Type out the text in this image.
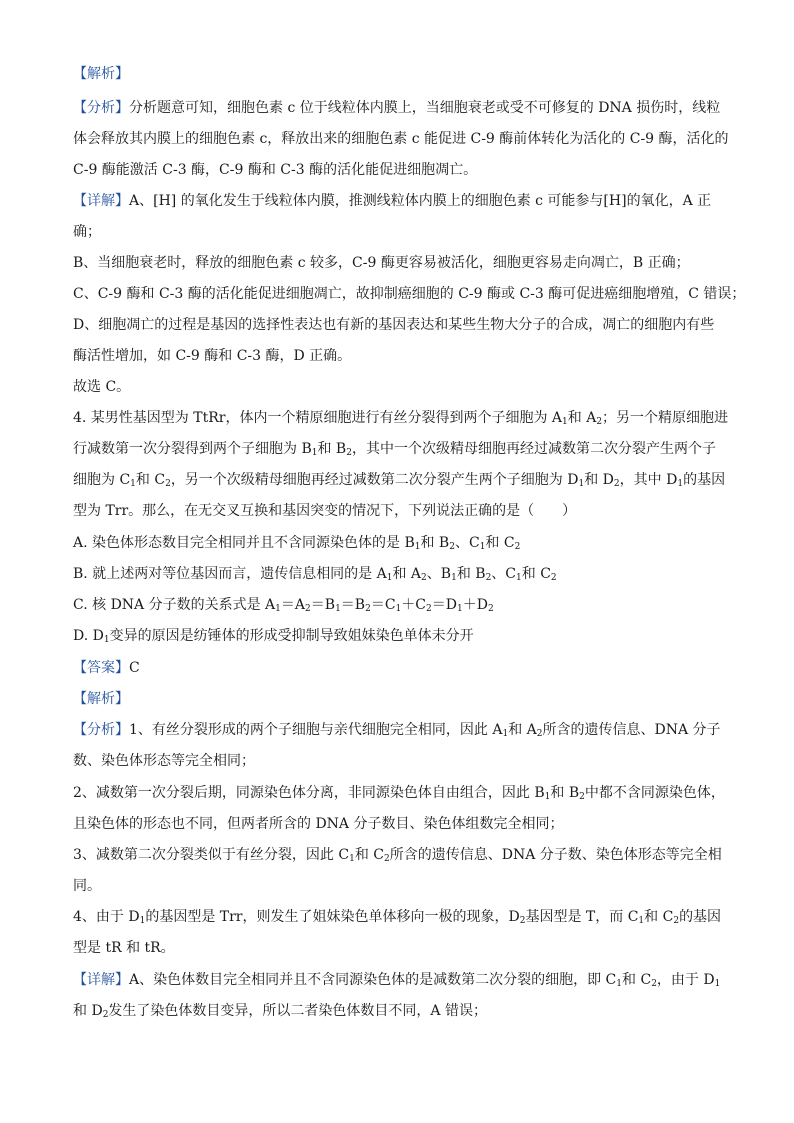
【解析】
【分析】分析题意可知，细胞色素 c 位于线粒体内膜上，当细胞衰老或受不可修复的 DNA 损伤时，线粒
体会释放其内膜上的细胞色素 c，释放出来的细胞色素 c 能促进 C-9 酶前体转化为活化的 C-9 酶，活化的
C-9 酶能激活 C-3 酶，C-9 酶和 C-3 酶的活化能促进细胞凋亡。
【详解】A、[H] 的氧化发生于线粒体内膜，推测线粒体内膜上的细胞色素 c 可能参与[H]的氧化，A 正
确；
B、当细胞衰老时，释放的细胞色素 c 较多，C-9 酶更容易被活化，细胞更容易走向凋亡，B 正确；
C、C-9 酶和 C-3 酶的活化能促进细胞凋亡，故抑制癌细胞的 C-9 酶或 C-3 酶可促进癌细胞增殖，C 错误；
D、细胞凋亡的过程是基因的选择性表达也有新的基因表达和某些生物大分子的合成，凋亡的细胞内有些
酶活性增加，如 C-9 酶和 C-3 酶，D 正确。
故选 C。
4. 某男性基因型为 TtRr，体内一个精原细胞进行有丝分裂得到两个子细胞为 $A_1$和 $A_2$；另一个精原细胞进
行减数第一次分裂得到两个子细胞为 $B_1$和 $B_2$，其中一个次级精母细胞再经过减数第二次分裂产生两个子
细胞为 $C_1$和 $C_2$，另一个次级精母细胞再经过减数第二次分裂产生两个子细胞为 $D_1$和 $D_2$，其中 $D_1$的基因
型为 Trr。那么，在无交叉互换和基因突变的情况下，下列说法正确的是（　　）
A. 染色体形态数目完全相同并且不含同源染色体的是 $B_1$和 $B_2$、$C_1$和 $C_2$
B. 就上述两对等位基因而言，遗传信息相同的是 $A_1$和 $A_2$、$B_1$和 $B_2$、$C_1$和 $C_2$
C. 核 DNA 分子数的关系式是 $A_1=A_2=B_1=B_2=C_1+C_2=D_1+D_2$
D. $D_1$变异的原因是纺锤体的形成受抑制导致姐妹染色单体未分开
【答案】C
【解析】
【分析】1、有丝分裂形成的两个子细胞与亲代细胞完全相同，因此 $A_1$和 $A_2$所含的遗传信息、DNA 分子
数、染色体形态等完全相同；
2、减数第一次分裂后期，同源染色体分离，非同源染色体自由组合，因此 $B_1$和 $B_2$中都不含同源染色体，
且染色体的形态也不同，但两者所含的 DNA 分子数目、染色体组数完全相同；
3、减数第二次分裂类似于有丝分裂，因此 $C_1$和 $C_2$所含的遗传信息、DNA 分子数、染色体形态等完全相
同。
4、由于 $D_1$的基因型是 Trr，则发生了姐妹染色单体移向一极的现象，$D_2$基因型是 T，而 $C_1$和 $C_2$的基因
型是 tR 和 tR。
【详解】A、染色体数目完全相同并且不含同源染色体的是减数第二次分裂的细胞，即 $C_1$和 $C_2$，由于 $D_1$
和 $D_2$发生了染色体数目变异，所以二者染色体数目不同，A 错误；
